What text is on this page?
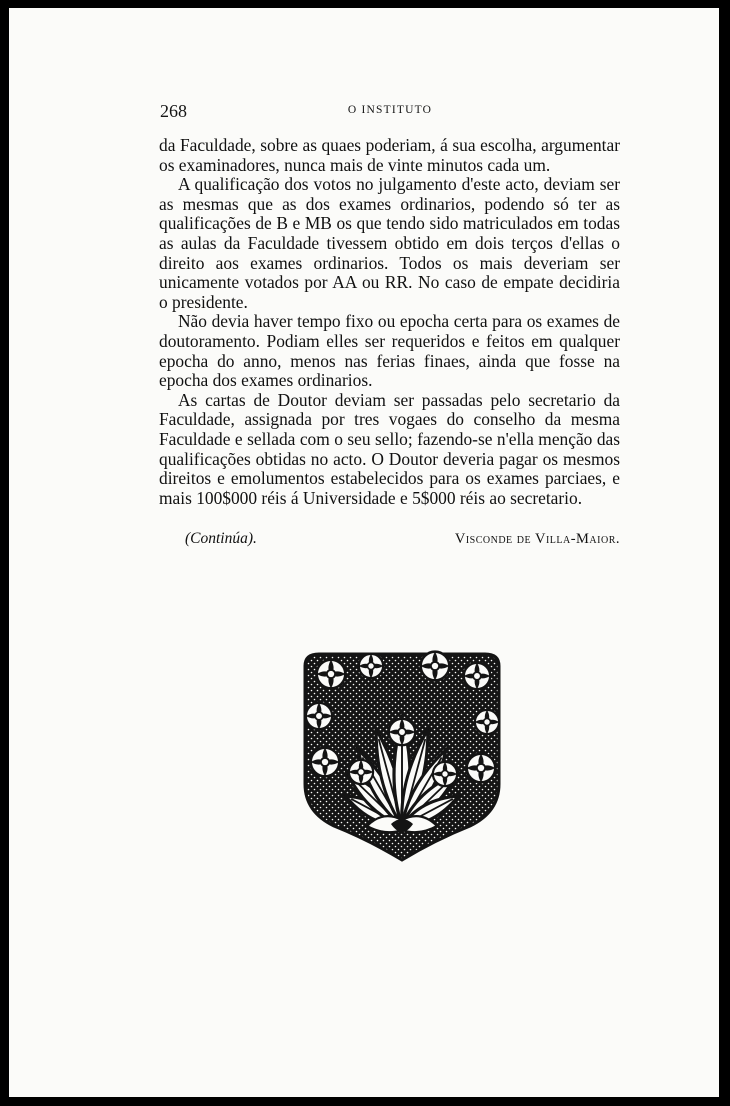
268	O INSTITUTO

da Faculdade, sobre as quaes poderiam, á sua escolha, argumentar os examinadores, nunca mais de vinte minutos cada um.

A qualificação dos votos no julgamento d'este acto, deviam ser as mesmas que as dos exames ordinarios, podendo só ter as qualificações de B e MB os que tendo sido matriculados em todas as aulas da Faculdade tivessem obtido em dois terços d'ellas o direito aos exames ordinarios. Todos os mais deveriam ser unicamente votados por AA ou RR. No caso de empate decidiria o presidente.

Não devia haver tempo fixo ou epocha certa para os exames de doutoramento. Podiam elles ser requeridos e feitos em qualquer epocha do anno, menos nas ferias finaes, ainda que fosse na epocha dos exames ordinarios.

As cartas de Doutor deviam ser passadas pelo secretario da Faculdade, assignada por tres vogaes do conselho da mesma Faculdade e sellada com o seu sello; fazendo-se n'ella menção das qualificações obtidas no acto. O Doutor deveria pagar os mesmos direitos e emolumentos estabelecidos para os exames parciaes, e mais 100$000 réis á Universidade e 5$000 réis ao secretario.

(Continúa).	Visconde de Villa-Maior.
